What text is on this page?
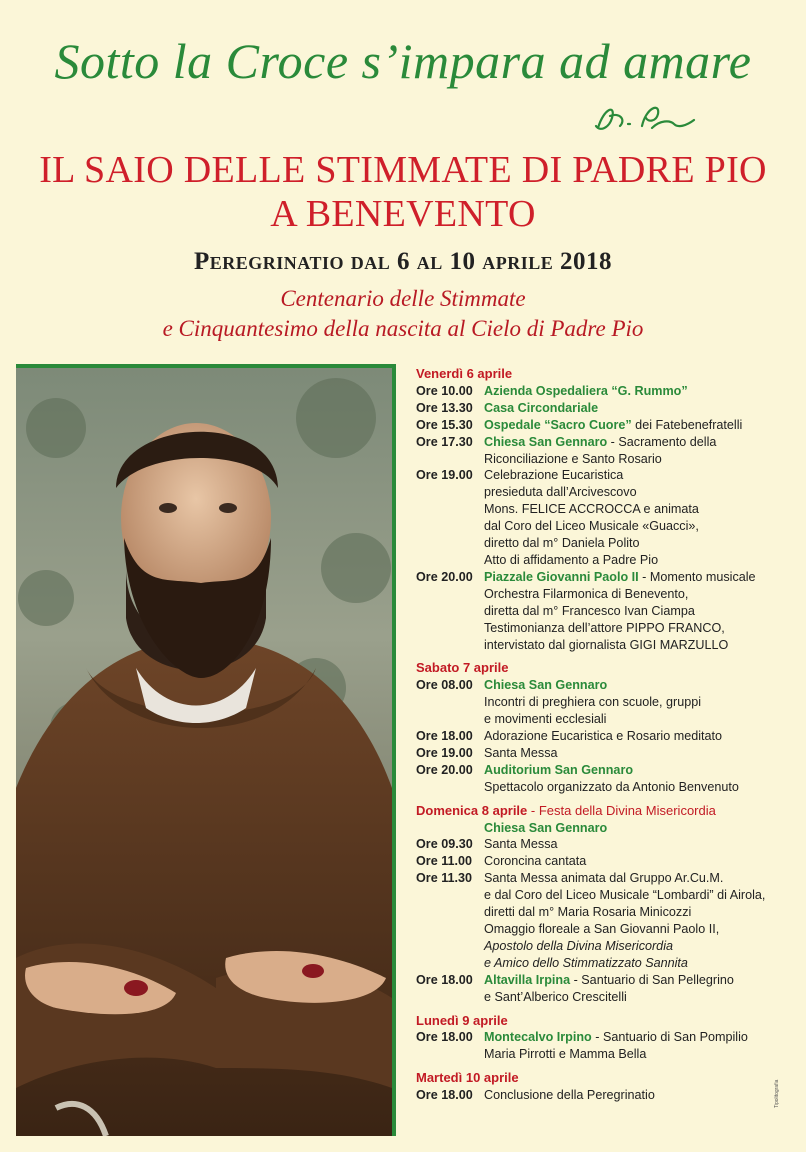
Sotto la Croce s’impara ad amare
IL SAIO DELLE STIMMATE DI PADRE PIO
A BENEVENTO
Peregrinatio dal 6 al 10 aprile 2018
Centenario delle Stimmate
e Cinquantesimo della nascita al Cielo di Padre Pio
Venerdì 6 aprile
Ore 10.00 Azienda Ospedaliera “G. Rummo”
Ore 13.30 Casa Circondariale
Ore 15.30 Ospedale “Sacro Cuore” dei Fatebenefratelli
Ore 17.30 Chiesa San Gennaro - Sacramento della
Riconciliazione e Santo Rosario
Ore 19.00 Celebrazione Eucaristica
presieduta dall’Arcivescovo
Mons. FELICE ACCROCCA e animata
dal Coro del Liceo Musicale «Guacci»,
diretto dal m° Daniela Polito
Atto di affidamento a Padre Pio
Ore 20.00 Piazzale Giovanni Paolo II - Momento musicale
Orchestra Filarmonica di Benevento,
diretta dal m° Francesco Ivan Ciampa
Testimonianza dell’attore PIPPO FRANCO,
intervistato dal giornalista GIGI MARZULLO
Sabato 7 aprile
Ore 08.00 Chiesa San Gennaro
Incontri di preghiera con scuole, gruppi
e movimenti ecclesiali
Ore 18.00 Adorazione Eucaristica e Rosario meditato
Ore 19.00 Santa Messa
Ore 20.00 Auditorium San Gennaro
Spettacolo organizzato da Antonio Benvenuto
Domenica 8 aprile - Festa della Divina Misericordia
Chiesa San Gennaro
Ore 09.30 Santa Messa
Ore 11.00 Coroncina cantata
Ore 11.30 Santa Messa animata dal Gruppo Ar.Cu.M.
e dal Coro del Liceo Musicale “Lombardi” di Airola,
diretti dal m° Maria Rosaria Minicozzi
Omaggio floreale a San Giovanni Paolo II,
Apostolo della Divina Misericordia
e Amico dello Stimmatizzato Sannita
Ore 18.00 Altavilla Irpina - Santuario di San Pellegrino
e Sant’Alberico Crescitelli
Lunedì 9 aprile
Ore 18.00 Montecalvo Irpino - Santuario di San Pompilio
Maria Pirrotti e Mamma Bella
Martedì 10 aprile
Ore 18.00 Conclusione della Peregrinatio	Tipolitografia
